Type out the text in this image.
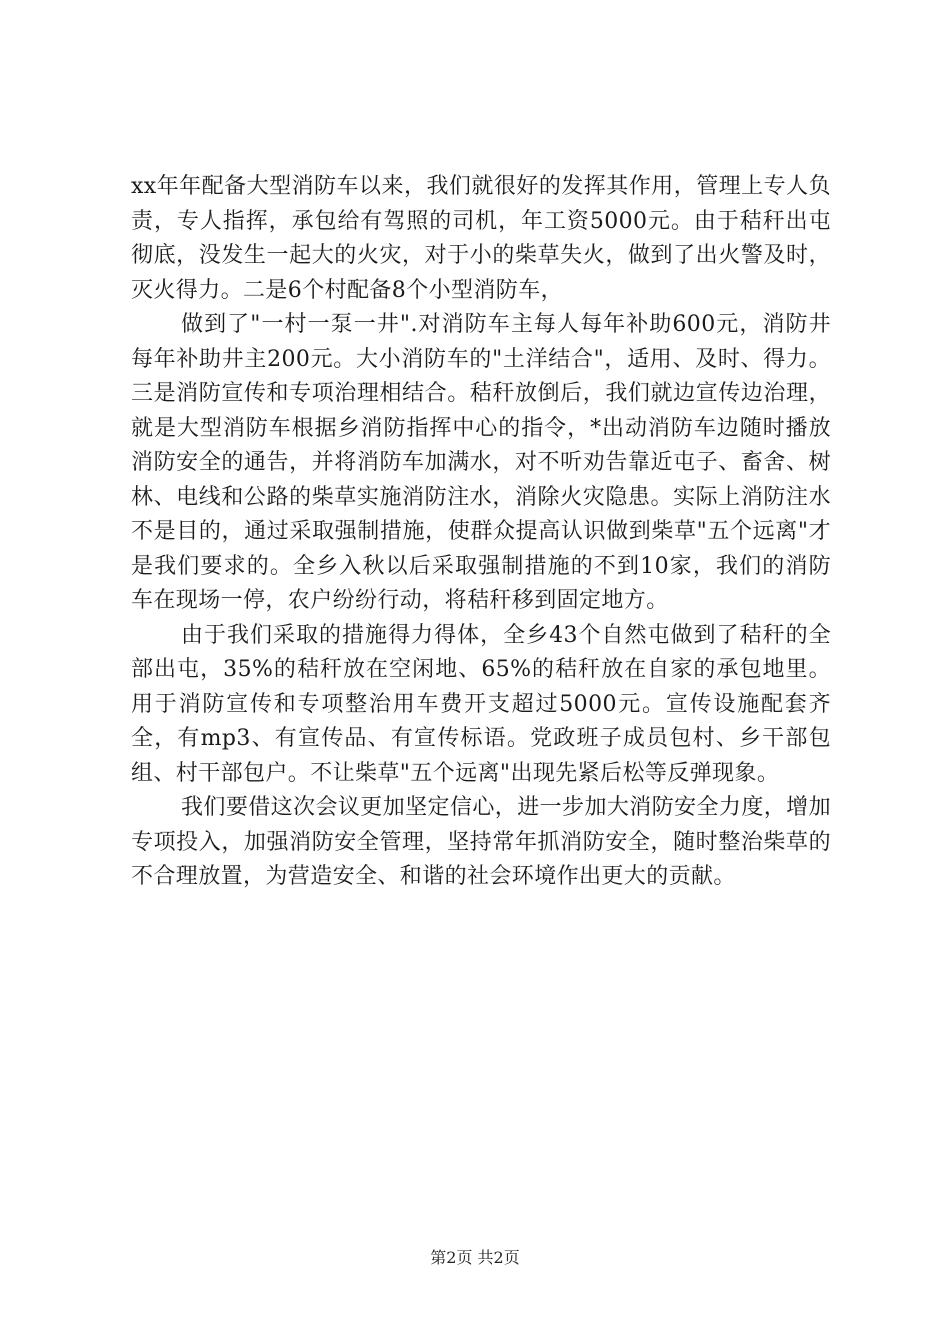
xx年年配备大型消防车以来，我们就很好的发挥其作用，管理上专人负责，专人指挥，承包给有驾照的司机，年工资5000元。由于秸秆出屯彻底，没发生一起大的火灾，对于小的柴草失火，做到了出火警及时，灭火得力。二是6个村配备8个小型消防车，

做到了"一村一泵一井".对消防车主每人每年补助600元，消防井每年补助井主200元。大小消防车的"土洋结合"，适用、及时、得力。三是消防宣传和专项治理相结合。秸秆放倒后，我们就边宣传边治理，就是大型消防车根据乡消防指挥中心的指令，*出动消防车边随时播放消防安全的通告，并将消防车加满水，对不听劝告靠近屯子、畜舍、树林、电线和公路的柴草实施消防注水，消除火灾隐患。实际上消防注水不是目的，通过采取强制措施，使群众提高认识做到柴草"五个远离"才是我们要求的。全乡入秋以后采取强制措施的不到10家，我们的消防车在现场一停，农户纷纷行动，将秸秆移到固定地方。

由于我们采取的措施得力得体，全乡43个自然屯做到了秸秆的全部出屯，35%的秸秆放在空闲地、65%的秸秆放在自家的承包地里。用于消防宣传和专项整治用车费开支超过5000元。宣传设施配套齐全，有mp3、有宣传品、有宣传标语。党政班子成员包村、乡干部包组、村干部包户。不让柴草"五个远离"出现先紧后松等反弹现象。

我们要借这次会议更加坚定信心，进一步加大消防安全力度，增加专项投入，加强消防安全管理，坚持常年抓消防安全，随时整治柴草的不合理放置，为营造安全、和谐的社会环境作出更大的贡献。

第2页 共2页
